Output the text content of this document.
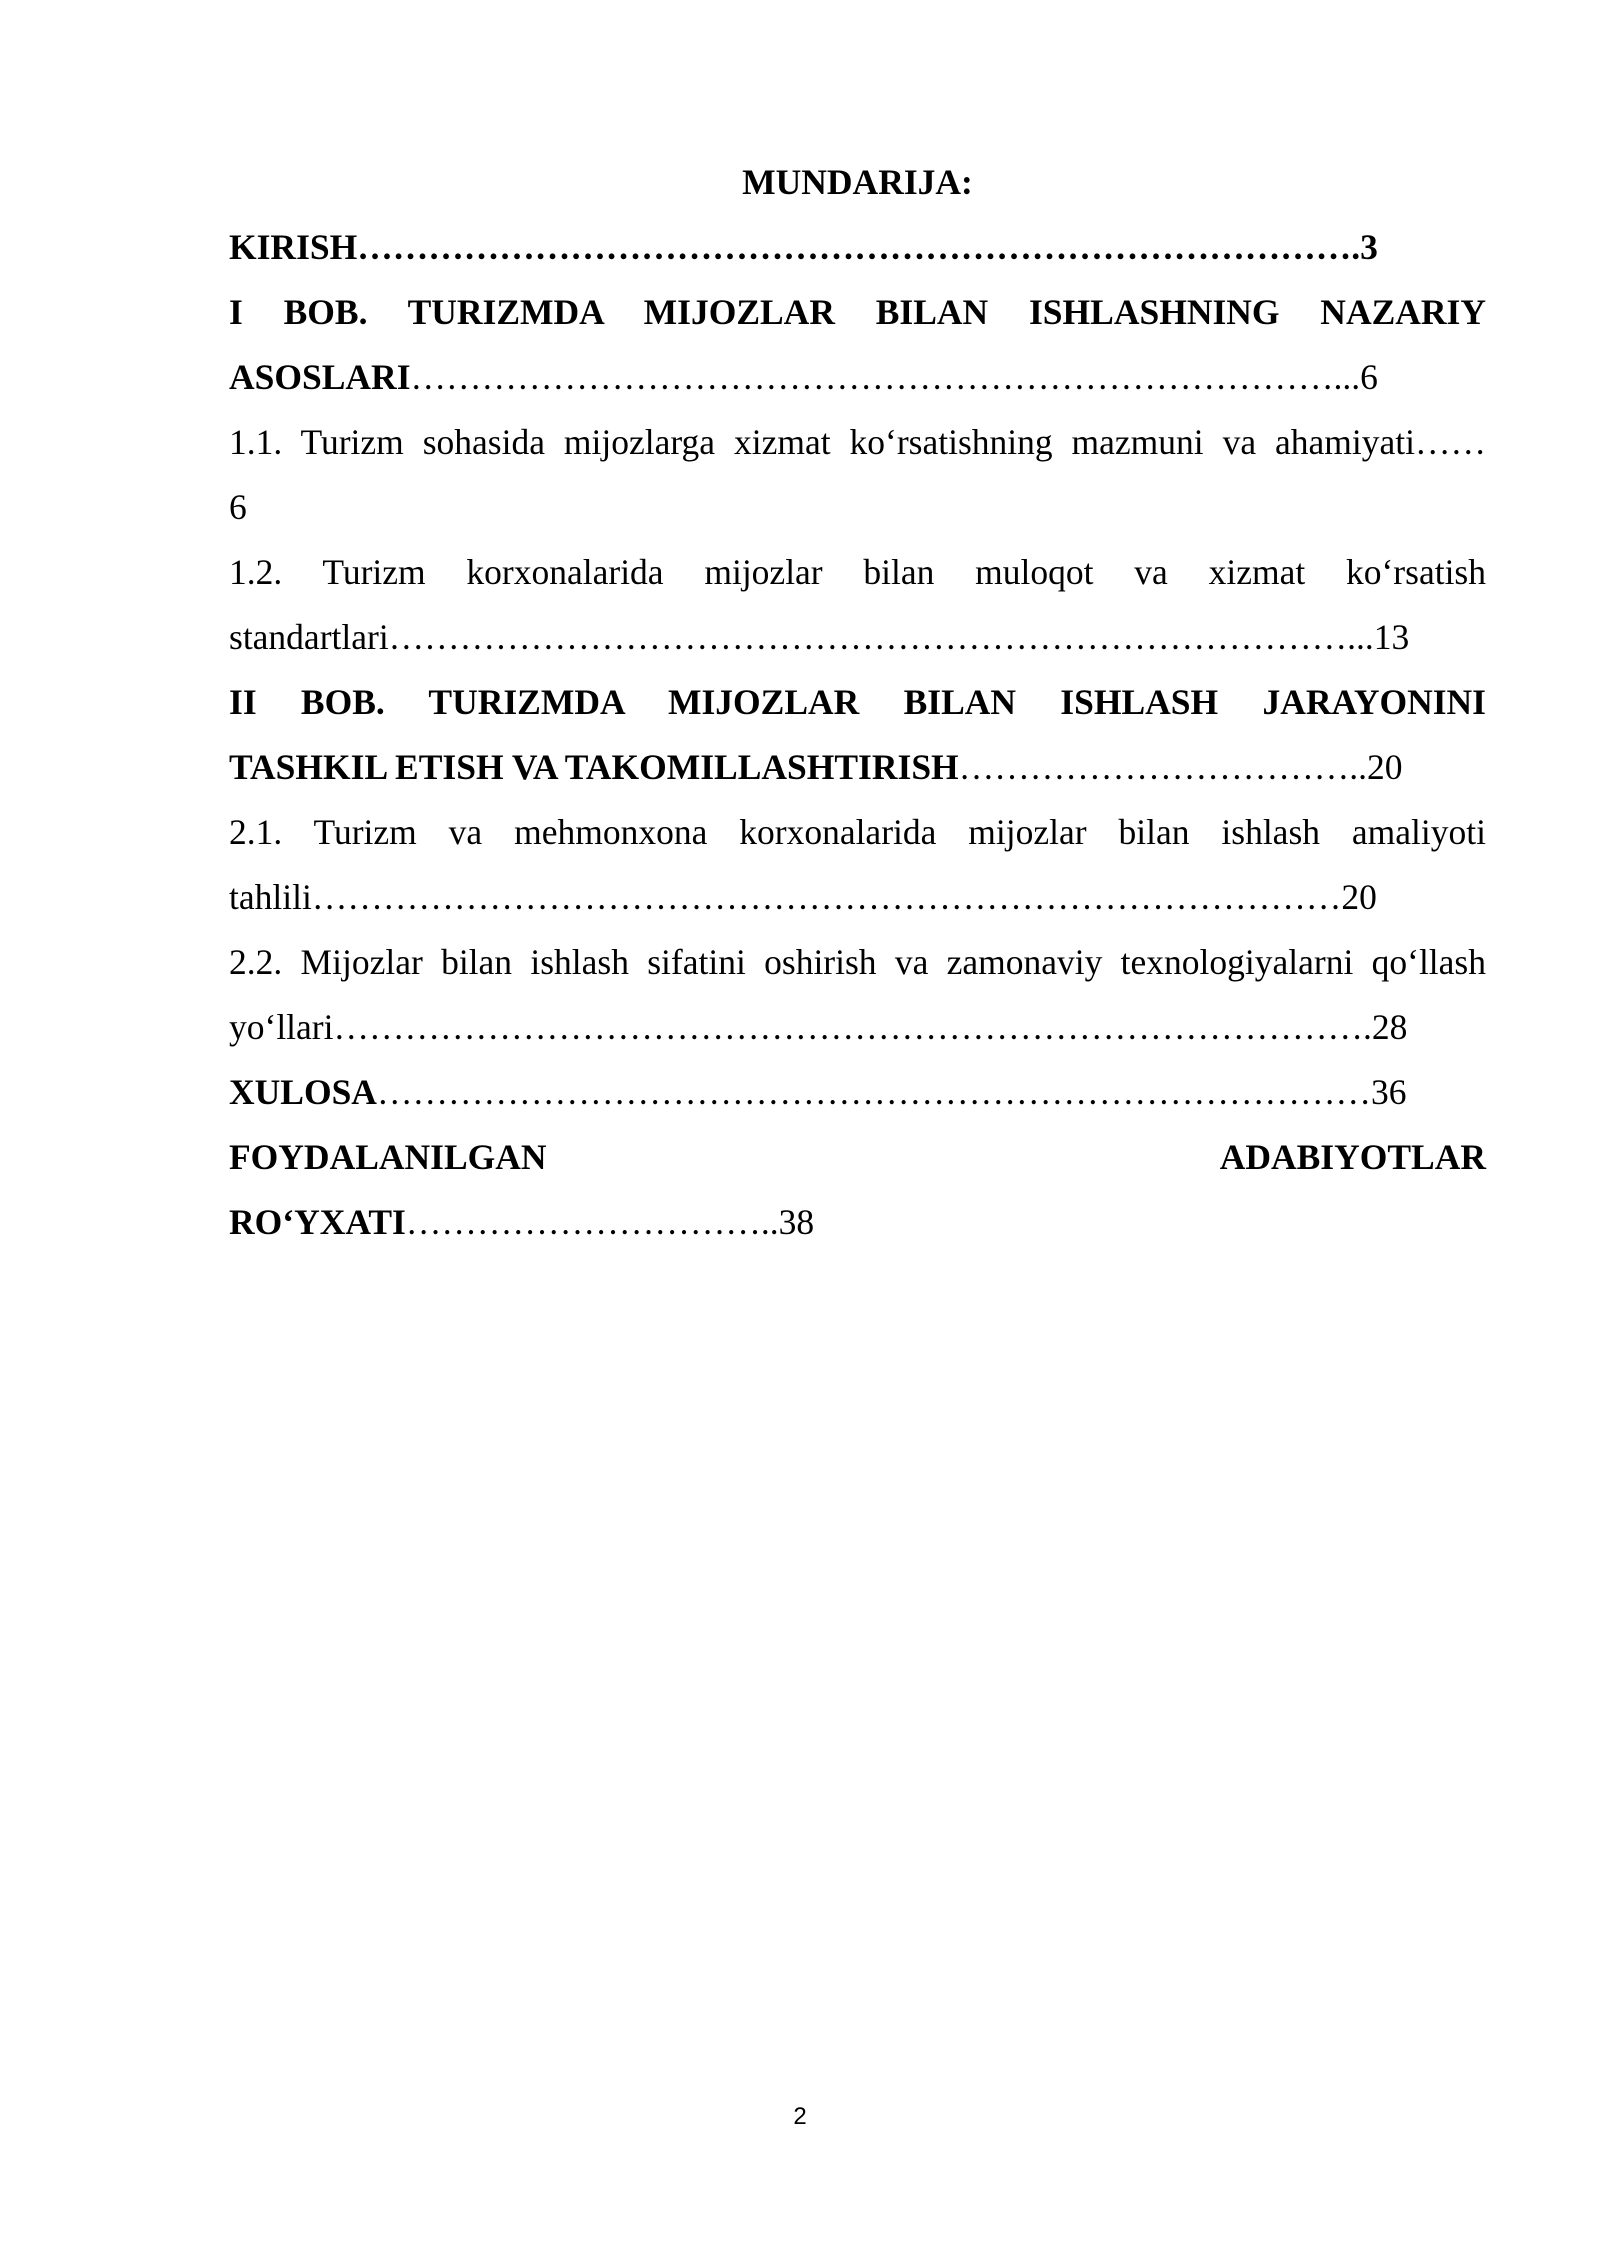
MUNDARIJA:
KIRISH………………………………………………………………………….3
I BOB. TURIZMDA MIJOZLAR BILAN ISHLASHNING NAZARIY
ASOSLARI……………………………………………………………………...6
1.1. Turizm sohasida mijozlarga xizmat ko‘rsatishning mazmuni va ahamiyati……
6
1.2. Turizm korxonalarida mijozlar bilan muloqot va xizmat ko‘rsatish
standartlari………………………………………………………………………...13
II BOB. TURIZMDA MIJOZLAR BILAN ISHLASH JARAYONINI
TASHKIL ETISH VA TAKOMILLASHTIRISH……………………………..20
2.1. Turizm va mehmonxona korxonalarida mijozlar bilan ishlash amaliyoti
tahlili……………………………………………………………………………20
2.2. Mijozlar bilan ishlash sifatini oshirish va zamonaviy texnologiyalarni qo‘llash
yo‘llari…………………………………………………………………………….28
XULOSA…………………………………………………………………………36
FOYDALANILGAN	ADABIYOTLAR
RO‘YXATI…………………………..38
2
